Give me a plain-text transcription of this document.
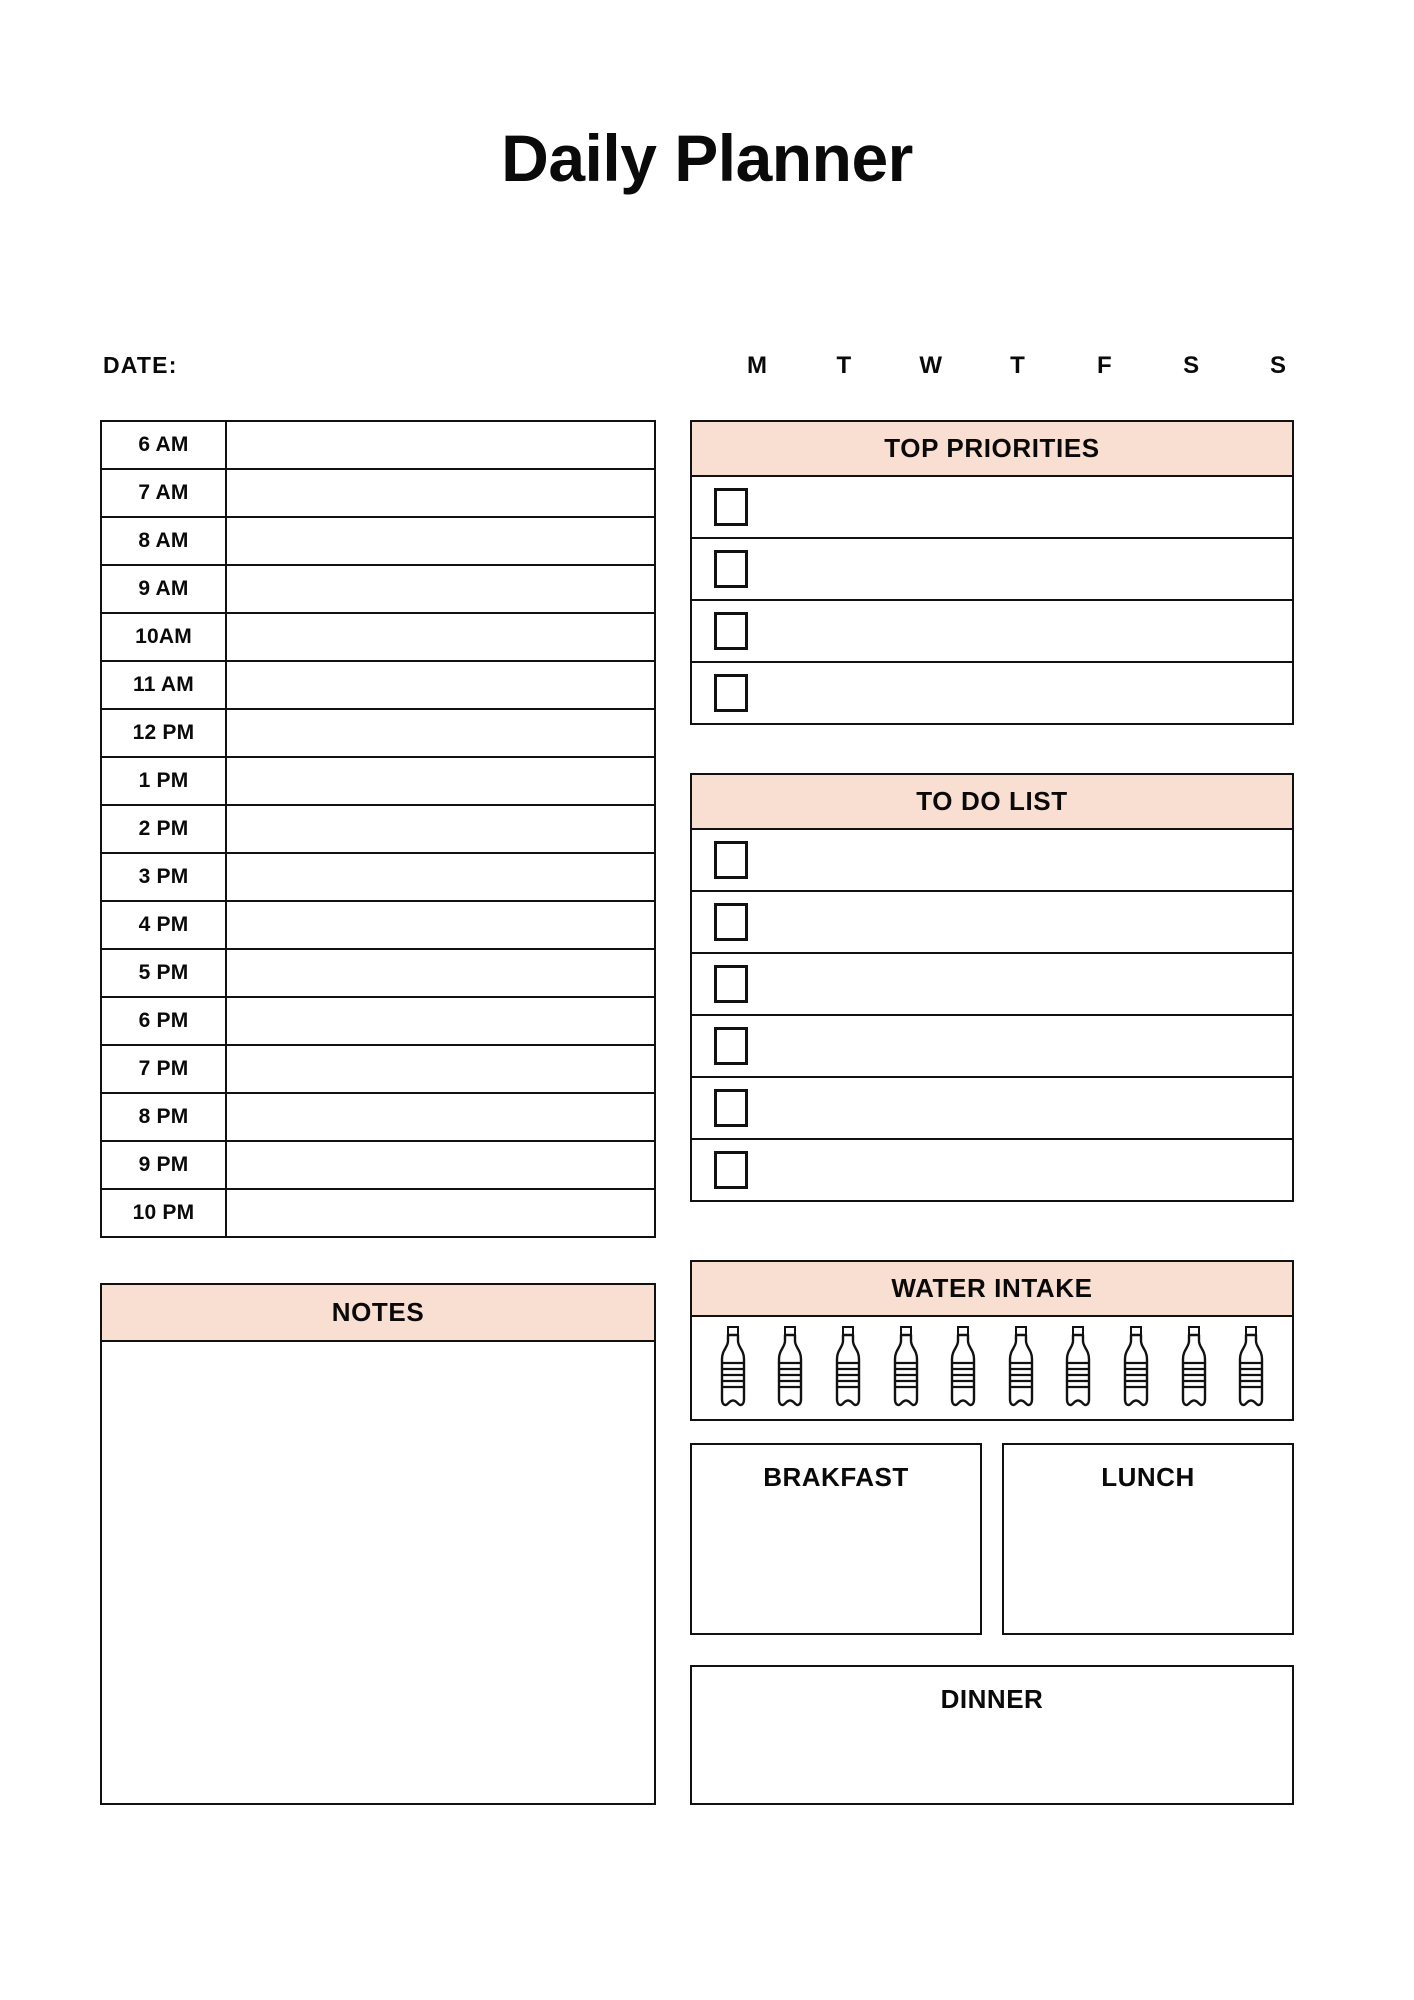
Daily Planner
DATE:	M	T	W	T	F	S	S
6 AM
7 AM
8 AM
9 AM
10AM
11 AM
12 PM
1 PM
2 PM
3 PM
4 PM
5 PM
6 PM
7 PM
8 PM
9 PM
10 PM
TOP PRIORITIES
TO DO LIST
WATER INTAKE
NOTES
BRAKFAST	LUNCH
DINNER
